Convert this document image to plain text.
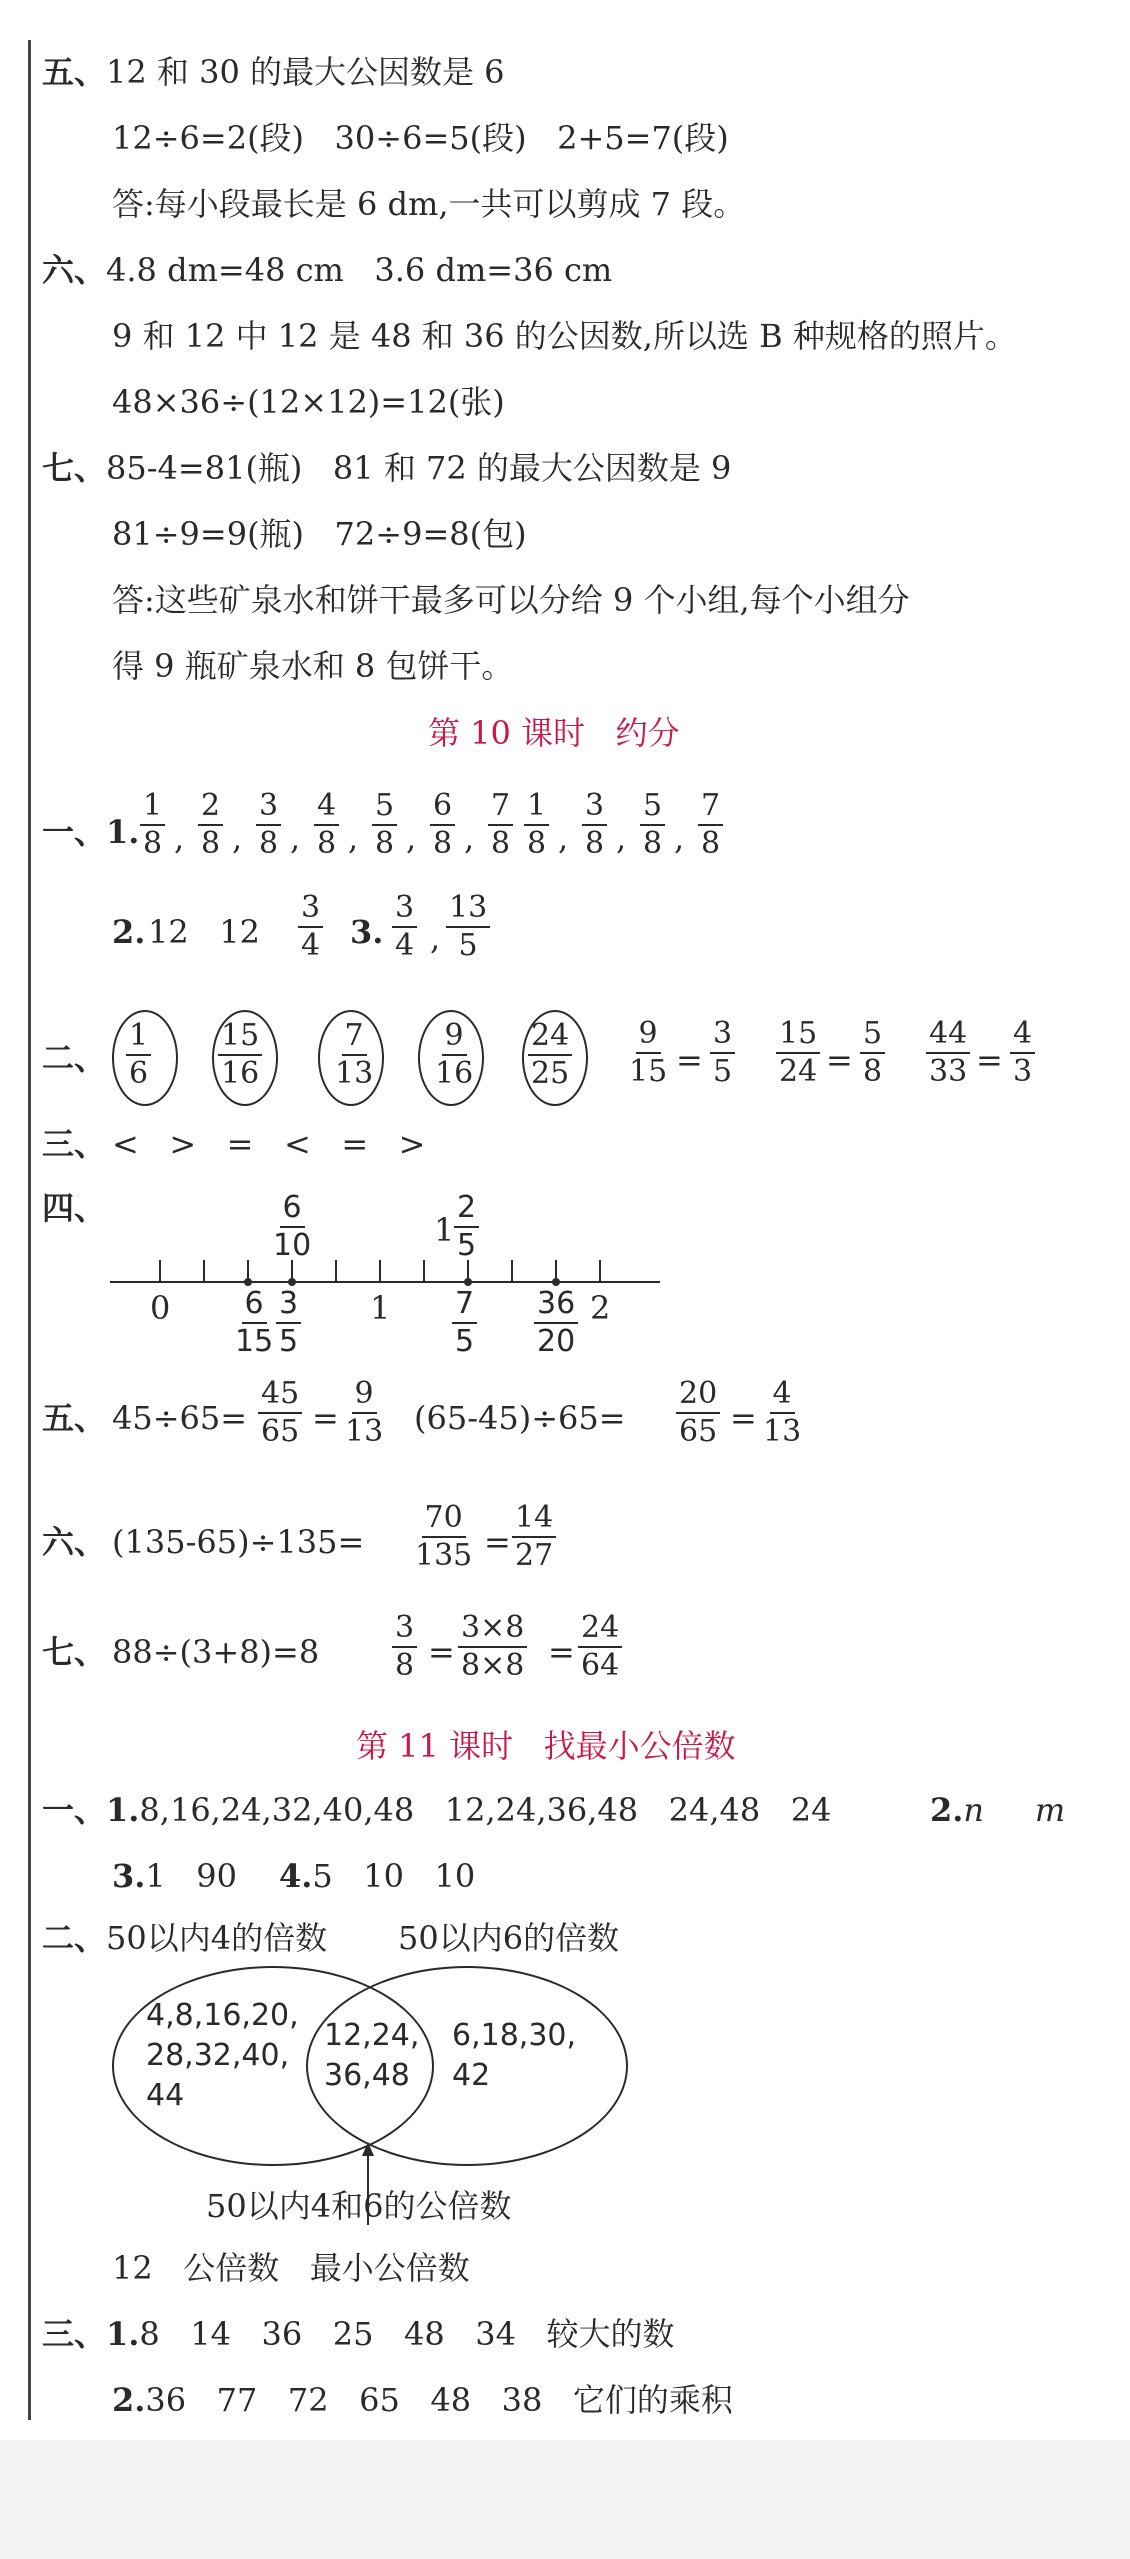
五、12 和 30 的最大公因数是 6
12÷6=2(段)   30÷6=5(段)   2+5=7(段)
答:每小段最长是 6 dm,一共可以剪成 7 段。
六、4.8 dm=48 cm   3.6 dm=36 cm
9 和 12 中 12 是 48 和 36 的公因数,所以选 B 种规格的照片。
48×36÷(12×12)=12(张)
七、85-4=81(瓶)   81 和 72 的最大公因数是 9
81÷9=9(瓶)   72÷9=8(包)
答:这些矿泉水和饼干最多可以分给 9 个小组,每个小组分
得 9 瓶矿泉水和 8 包饼干。
第 10 课时   约分
一、1. $\frac{1}{8}$ , $\frac{2}{8}$ , $\frac{3}{8}$ , $\frac{4}{8}$ , $\frac{5}{8}$ , $\frac{6}{8}$ , $\frac{7}{8} \frac{1}{8}$ , $\frac{3}{8}$ , $\frac{5}{8}$ , $\frac{7}{8}$
2. 12   12	3.
$\frac{3}{4} \frac{3}{4}$ , $\frac{13}{5}$
二、 $\frac{1}{6} \frac{15}{16} \frac{7}{13} \frac{9}{16} \frac{24}{25} \frac{9}{15} = \frac{3}{5} \frac{15}{24} = \frac{5}{8} \frac{44}{33} = \frac{4}{3}$
三、 <   >   =   <   =   >
四、
0	1	2
$\frac{6}{10}$	$1 \frac{2}{5}$
$\frac{6}{15} \frac{3}{5}$	$\frac{7}{5} \frac{36}{20}$
五、 $45\div 65= \frac{45}{65} = \frac{9}{13} (65-45)\div 65= \frac{20}{65} = \frac{4}{13}$
六、 $(135-65)\div 135= \frac{70}{135} = \frac{14}{27}$
七、 $88\div(3+8)=8 \frac{3}{8} = \frac{3\times 8}{8\times 8} = \frac{24}{64}$
第 11 课时   找最小公倍数
一、1.8,16,24,32,40,48   12,24,36,48   24,48   24	2.n     m
3.1   90 4.5   10   10
二、50以内4的倍数 50以内6的倍数
4,8,16,20,
28,32,40,
44
12,24,
36,48
6,18,30,
42
50以内4和6的公倍数
12   公倍数   最小公倍数
三、1.8   14   36   25   48   34   较大的数
2.36   77   72   65   48   38   它们的乘积
